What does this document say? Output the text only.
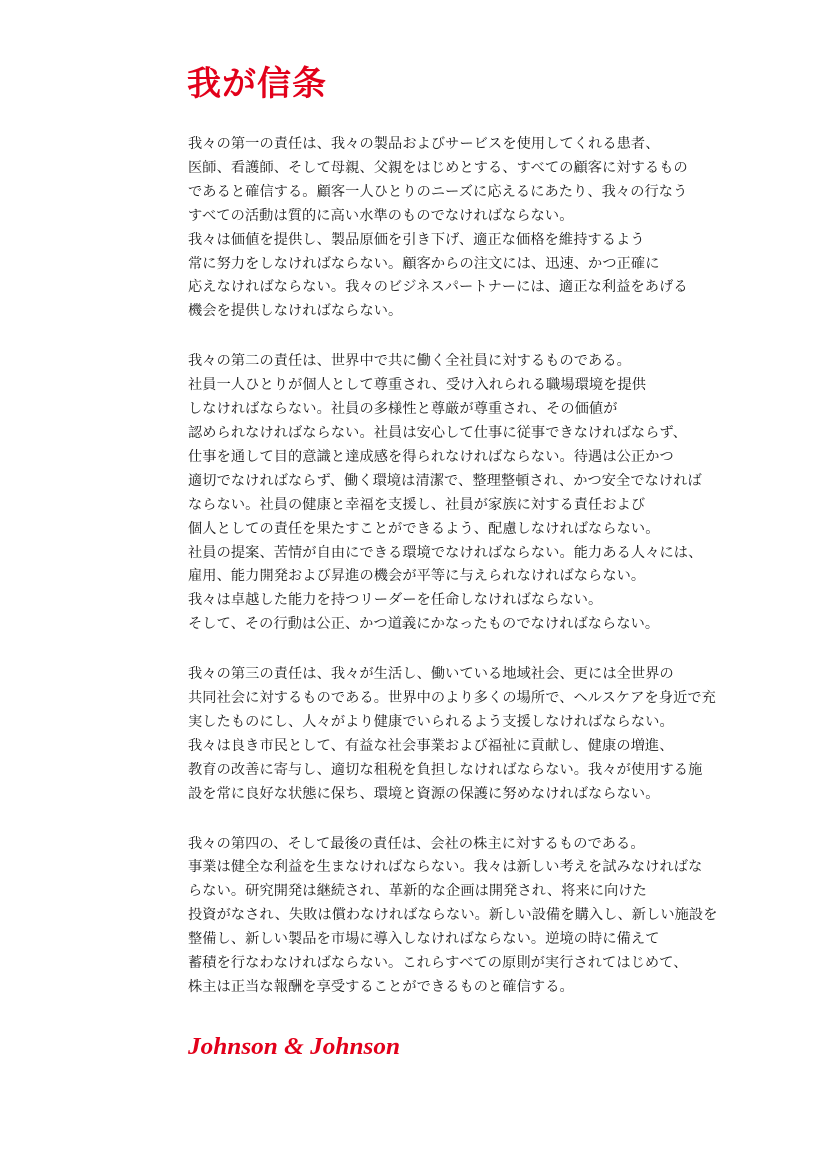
我が信条
我々の第一の責任は、我々の製品およびサービスを使用してくれる患者、
医師、看護師、そして母親、父親をはじめとする、すべての顧客に対するもの
であると確信する。顧客一人ひとりのニーズに応えるにあたり、我々の行なう
すべての活動は質的に高い水準のものでなければならない。
我々は価値を提供し、製品原価を引き下げ、適正な価格を維持するよう
常に努力をしなければならない。顧客からの注文には、迅速、かつ正確に
応えなければならない。我々のビジネスパートナーには、適正な利益をあげる
機会を提供しなければならない。
我々の第二の責任は、世界中で共に働く全社員に対するものである。
社員一人ひとりが個人として尊重され、受け入れられる職場環境を提供
しなければならない。社員の多様性と尊厳が尊重され、その価値が
認められなければならない。社員は安心して仕事に従事できなければならず、
仕事を通して目的意識と達成感を得られなければならない。待遇は公正かつ
適切でなければならず、働く環境は清潔で、整理整頓され、かつ安全でなければ
ならない。社員の健康と幸福を支援し、社員が家族に対する責任および
個人としての責任を果たすことができるよう、配慮しなければならない。
社員の提案、苦情が自由にできる環境でなければならない。能力ある人々には、
雇用、能力開発および昇進の機会が平等に与えられなければならない。
我々は卓越した能力を持つリーダーを任命しなければならない。
そして、その行動は公正、かつ道義にかなったものでなければならない。
我々の第三の責任は、我々が生活し、働いている地域社会、更には全世界の
共同社会に対するものである。世界中のより多くの場所で、ヘルスケアを身近で充
実したものにし、人々がより健康でいられるよう支援しなければならない。
我々は良き市民として、有益な社会事業および福祉に貢献し、健康の増進、
教育の改善に寄与し、適切な租税を負担しなければならない。我々が使用する施
設を常に良好な状態に保ち、環境と資源の保護に努めなければならない。
我々の第四の、そして最後の責任は、会社の株主に対するものである。
事業は健全な利益を生まなければならない。我々は新しい考えを試みなければな
らない。研究開発は継続され、革新的な企画は開発され、将来に向けた
投資がなされ、失敗は償わなければならない。新しい設備を購入し、新しい施設を
整備し、新しい製品を市場に導入しなければならない。逆境の時に備えて
蓄積を行なわなければならない。これらすべての原則が実行されてはじめて、
株主は正当な報酬を享受することができるものと確信する。
Johnson & Johnson
